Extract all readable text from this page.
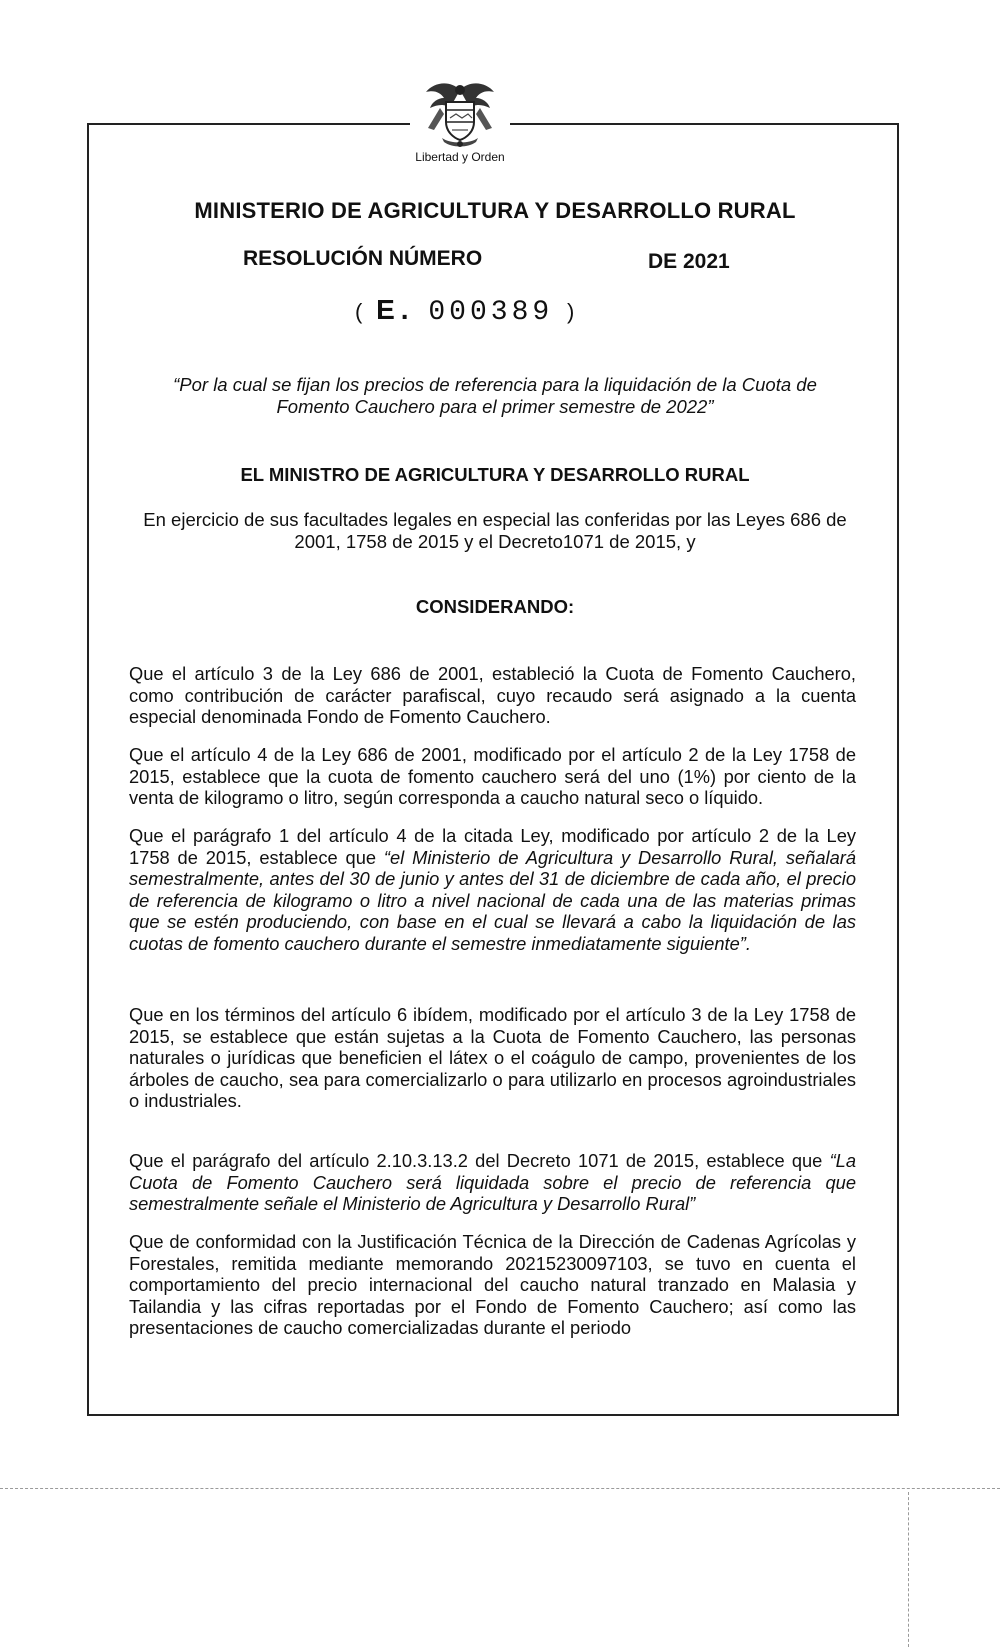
Libertad y Orden
MINISTERIO DE AGRICULTURA Y DESARROLLO RURAL
RESOLUCIÓN NÚMERO	DE 2021
( E. 000389 )
“Por la cual se fijan los precios de referencia para la liquidación de la Cuota de Fomento Cauchero para el primer semestre de 2022”
EL MINISTRO DE AGRICULTURA Y DESARROLLO RURAL
En ejercicio de sus facultades legales en especial las conferidas por las Leyes 686 de 2001, 1758 de 2015 y el Decreto1071 de 2015, y
CONSIDERANDO:
Que el artículo 3 de la Ley 686 de 2001, estableció la Cuota de Fomento Cauchero, como contribución de carácter parafiscal, cuyo recaudo será asignado a la cuenta especial denominada Fondo de Fomento Cauchero.
Que el artículo 4 de la Ley 686 de 2001, modificado por el artículo 2 de la Ley 1758 de 2015, establece que la cuota de fomento cauchero será del uno (1%) por ciento de la venta de kilogramo o litro, según corresponda a caucho natural seco o líquido.
Que el parágrafo 1 del artículo 4 de la citada Ley, modificado por artículo 2 de la Ley 1758 de 2015, establece que “el Ministerio de Agricultura y Desarrollo Rural, señalará semestralmente, antes del 30 de junio y antes del 31 de diciembre de cada año, el precio de referencia de kilogramo o litro a nivel nacional de cada una de las materias primas que se estén produciendo, con base en el cual se llevará a cabo la liquidación de las cuotas de fomento cauchero durante el semestre inmediatamente siguiente”.
Que en los términos del artículo 6 ibídem, modificado por el artículo 3 de la Ley 1758 de 2015, se establece que están sujetas a la Cuota de Fomento Cauchero, las personas naturales o jurídicas que beneficien el látex o el coágulo de campo, provenientes de los árboles de caucho, sea para comercializarlo o para utilizarlo en procesos agroindustriales o industriales.
Que el parágrafo del artículo 2.10.3.13.2 del Decreto 1071 de 2015, establece que “La Cuota de Fomento Cauchero será liquidada sobre el precio de referencia que semestralmente señale el Ministerio de Agricultura y Desarrollo Rural”
Que de conformidad con la Justificación Técnica de la Dirección de Cadenas Agrícolas y Forestales, remitida mediante memorando 20215230097103, se tuvo en cuenta el comportamiento del precio internacional del caucho natural tranzado en Malasia y Tailandia y las cifras reportadas por el Fondo de Fomento Cauchero; así como las presentaciones de caucho comercializadas durante el periodo
